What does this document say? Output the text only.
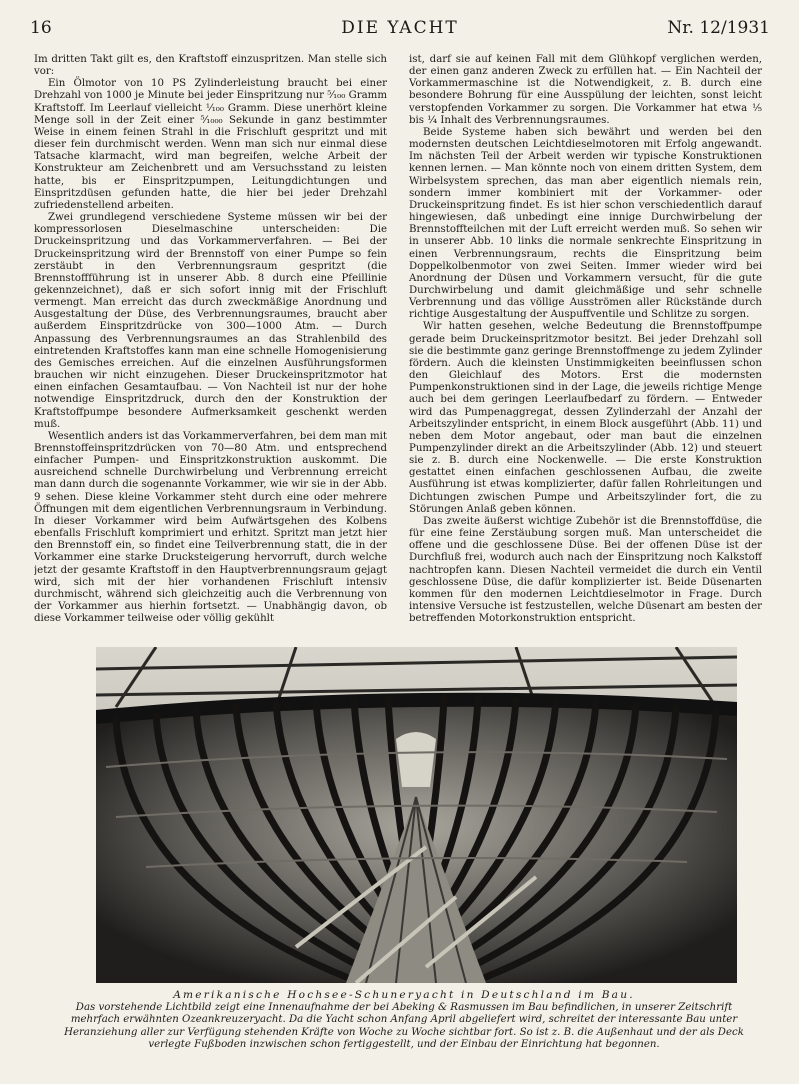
16	DIE YACHT	Nr. 12/1931

Im dritten Takt gilt es, den Kraftstoff einzuspritzen. Man stelle sich vor:

Ein Ölmotor von 10 PS Zylinderleistung braucht bei einer Drehzahl von 1000 je Minute bei jeder Einspritzung nur ⁵⁄₁₀₀ Gramm Kraftstoff. Im Leerlauf vielleicht ¹⁄₁₀₀ Gramm. Diese unerhört kleine Menge soll in der Zeit einer ⁵⁄₁₀₀₀ Sekunde in ganz bestimmter Weise in einem feinen Strahl in die Frischluft gespritzt und mit dieser fein durchmischt werden. Wenn man sich nur einmal diese Tatsache klarmacht, wird man begreifen, welche Arbeit der Konstrukteur am Zeichenbrett und am Versuchsstand zu leisten hatte, bis er Einspritzpumpen, Leitungdichtungen und Einspritzdüsen gefunden hatte, die hier bei jeder Drehzahl zufriedenstellend arbeiten.

Zwei grundlegend verschiedene Systeme müssen wir bei der kompressorlosen Dieselmaschine unterscheiden: Die Druckeinspritzung und das Vorkammerverfahren. — Bei der Druckeinspritzung wird der Brennstoff von einer Pumpe so fein zerstäubt in den Verbrennungsraum gespritzt (die Brennstoffführung ist in unserer Abb. 8 durch eine Pfeillinie gekennzeichnet), daß er sich sofort innig mit der Frischluft vermengt. Man erreicht das durch zweckmäßige Anordnung und Ausgestaltung der Düse, des Verbrennungsraumes, braucht aber außerdem Einspritzdrücke von 300—1000 Atm. — Durch Anpassung des Verbrennungsraumes an das Strahlenbild des eintretenden Kraftstoffes kann man eine schnelle Homogenisierung des Gemisches erreichen. Auf die einzelnen Ausführungsformen brauchen wir nicht einzugehen. Dieser Druckeinspritzmotor hat einen einfachen Gesamtaufbau. — Von Nachteil ist nur der hohe notwendige Einspritzdruck, durch den der Konstruktion der Kraftstoffpumpe besondere Aufmerksamkeit geschenkt werden muß.

Wesentlich anders ist das Vorkammerverfahren, bei dem man mit Brennstoffeinspritzdrücken von 70—80 Atm. und entsprechend einfacher Pumpen- und Einspritzkonstruktion auskommt. Die ausreichend schnelle Durchwirbelung und Verbrennung erreicht man dann durch die sogenannte Vorkammer, wie wir sie in der Abb. 9 sehen. Diese kleine Vorkammer steht durch eine oder mehrere Öffnungen mit dem eigentlichen Verbrennungsraum in Verbindung. In dieser Vorkammer wird beim Aufwärtsgehen des Kolbens ebenfalls Frischluft komprimiert und erhitzt. Spritzt man jetzt hier den Brennstoff ein, so findet eine Teilverbrennung statt, die in der Vorkammer eine starke Drucksteigerung hervorruft, durch welche jetzt der gesamte Kraftstoff in den Hauptverbrennungsraum gejagt wird, sich mit der hier vorhandenen Frischluft intensiv durchmischt, während sich gleichzeitig auch die Verbrennung von der Vorkammer aus hierhin fortsetzt. — Unabhängig davon, ob diese Vorkammer teilweise oder völlig gekühlt

ist, darf sie auf keinen Fall mit dem Glühkopf verglichen werden, der einen ganz anderen Zweck zu erfüllen hat. — Ein Nachteil der Vorkammermaschine ist die Notwendigkeit, z. B. durch eine besondere Bohrung für eine Ausspülung der leichten, sonst leicht verstopfenden Vorkammer zu sorgen. Die Vorkammer hat etwa ¹⁄₅ bis ¼ Inhalt des Verbrennungsraumes.

Beide Systeme haben sich bewährt und werden bei den modernsten deutschen Leichtdieselmotoren mit Erfolg angewandt. Im nächsten Teil der Arbeit werden wir typische Konstruktionen kennen lernen. — Man könnte noch von einem dritten System, dem Wirbelsystem sprechen, das man aber eigentlich niemals rein, sondern immer kombiniert mit der Vorkammer- oder Druckeinspritzung findet. Es ist hier schon verschiedentlich darauf hingewiesen, daß unbedingt eine innige Durchwirbelung der Brennstoffteilchen mit der Luft erreicht werden muß. So sehen wir in unserer Abb. 10 links die normale senkrechte Einspritzung in einen Verbrennungsraum, rechts die Einspritzung beim Doppelkolbenmotor von zwei Seiten. Immer wieder wird bei Anordnung der Düsen und Vorkammern versucht, für die gute Durchwirbelung und damit gleichmäßige und sehr schnelle Verbrennung und das völlige Ausströmen aller Rückstände durch richtige Ausgestaltung der Auspuffventile und Schlitze zu sorgen.

Wir hatten gesehen, welche Bedeutung die Brennstoffpumpe gerade beim Druckeinspritzmotor besitzt. Bei jeder Drehzahl soll sie die bestimmte ganz geringe Brennstoffmenge zu jedem Zylinder fördern. Auch die kleinsten Unstimmigkeiten beeinflussen schon den Gleichlauf des Motors. Erst die modernsten Pumpenkonstruktionen sind in der Lage, die jeweils richtige Menge auch bei dem geringen Leerlaufbedarf zu fördern. — Entweder wird das Pumpenaggregat, dessen Zylinderzahl der Anzahl der Arbeitszylinder entspricht, in einem Block ausgeführt (Abb. 11) und neben dem Motor angebaut, oder man baut die einzelnen Pumpenzylinder direkt an die Arbeitszylinder (Abb. 12) und steuert sie z. B. durch eine Nockenwelle. — Die erste Konstruktion gestattet einen einfachen geschlossenen Aufbau, die zweite Ausführung ist etwas komplizierter, dafür fallen Rohrleitungen und Dichtungen zwischen Pumpe und Arbeitszylinder fort, die zu Störungen Anlaß geben können.

Das zweite äußerst wichtige Zubehör ist die Brennstoffdüse, die für eine feine Zerstäubung sorgen muß. Man unterscheidet die offene und die geschlossene Düse. Bei der offenen Düse ist der Durchfluß frei, wodurch auch nach der Einspritzung noch Kalkstoff nachtropfen kann. Diesen Nachteil vermeidet die durch ein Ventil geschlossene Düse, die dafür komplizierter ist. Beide Düsenarten kommen für den modernen Leichtdieselmotor in Frage. Durch intensive Versuche ist festzustellen, welche Düsenart am besten der betreffenden Motorkonstruktion entspricht.

Amerikanische Hochsee-Schuneryacht in Deutschland im Bau.
Das vorstehende Lichtbild zeigt eine Innenaufnahme der bei Abeking & Rasmussen im Bau befindlichen, in unserer Zeitschrift mehrfach erwähnten Ozeankreuzeryacht. Da die Yacht schon Anfang April abgeliefert wird, schreitet der interessante Bau unter Heranziehung aller zur Verfügung stehenden Kräfte von Woche zu Woche sichtbar fort. So ist z. B. die Außenhaut und der als Deck verlegte Fußboden inzwischen schon fertiggestellt, und der Einbau der Einrichtung hat begonnen.
